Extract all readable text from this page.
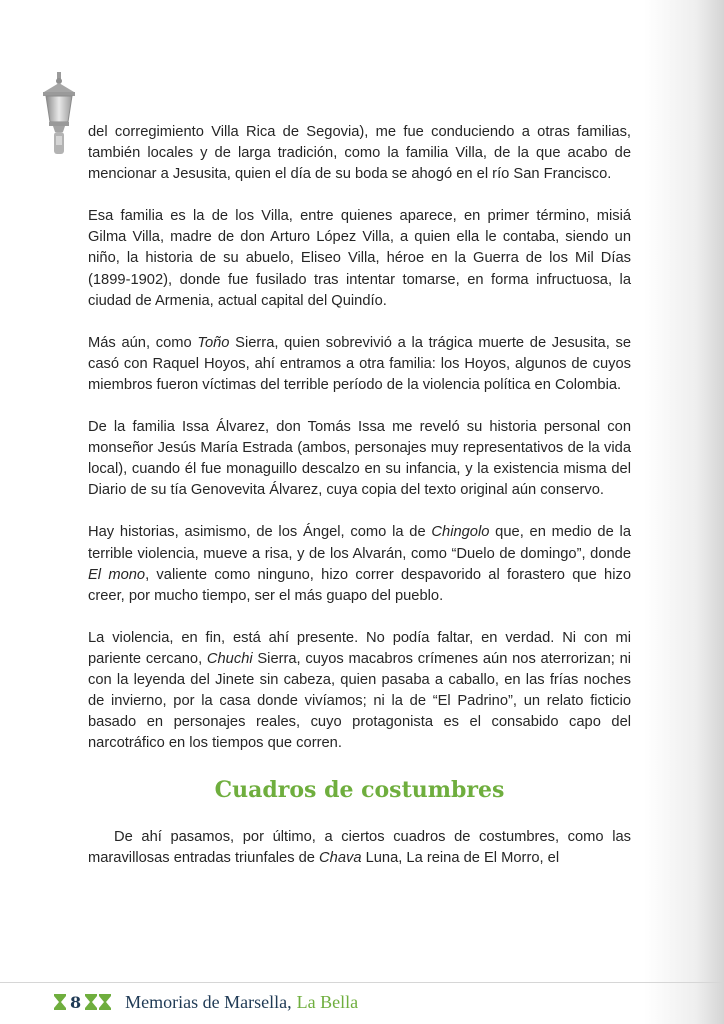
del corregimiento Villa Rica de Segovia), me fue conduciendo a otras familias, también locales y de larga tradición, como la familia Villa, de la que acabo de mencionar a Jesusita, quien el día de su boda se ahogó en el río San Francisco.

Esa familia es la de los Villa, entre quienes aparece, en primer término, misiá Gilma Villa, madre de don Arturo López Villa, a quien ella le contaba, siendo un niño, la historia de su abuelo, Eliseo Villa, héroe en la Guerra de los Mil Días (1899-1902), donde fue fusilado tras intentar tomarse, en forma infructuosa, la ciudad de Armenia, actual capital del Quindío.

Más aún, como Toño Sierra, quien sobrevivió a la trágica muerte de Jesusita, se casó con Raquel Hoyos, ahí entramos a otra familia: los Hoyos, algunos de cuyos miembros fueron víctimas del terrible período de la violencia política en Colombia.

De la familia Issa Álvarez, don Tomás Issa me reveló su historia personal con monseñor Jesús María Estrada (ambos, personajes muy representativos de la vida local), cuando él fue monaguillo descalzo en su infancia, y la existencia misma del Diario de su tía Genovevita Álvarez, cuya copia del texto original aún conservo.

Hay historias, asimismo, de los Ángel, como la de Chingolo que, en medio de la terrible violencia, mueve a risa, y de los Alvarán, como “Duelo de domingo”, donde El mono, valiente como ninguno, hizo correr despavorido al forastero que hizo creer, por mucho tiempo, ser el más guapo del pueblo.

La violencia, en fin, está ahí presente. No podía faltar, en verdad. Ni con mi pariente cercano, Chuchi Sierra, cuyos macabros crímenes aún nos aterrorizan; ni con la leyenda del Jinete sin cabeza, quien pasaba a caballo, en las frías noches de invierno, por la casa donde vivíamos; ni la de “El Padrino”, un relato ficticio basado en personajes reales, cuyo protagonista es el consabido capo del narcotráfico en los tiempos que corren.

Cuadros de costumbres

De ahí pasamos, por último, a ciertos cuadros de costumbres, como las maravillosas entradas triunfales de Chava Luna, La reina de El Morro, el

8 Memorias de Marsella, La Bella
